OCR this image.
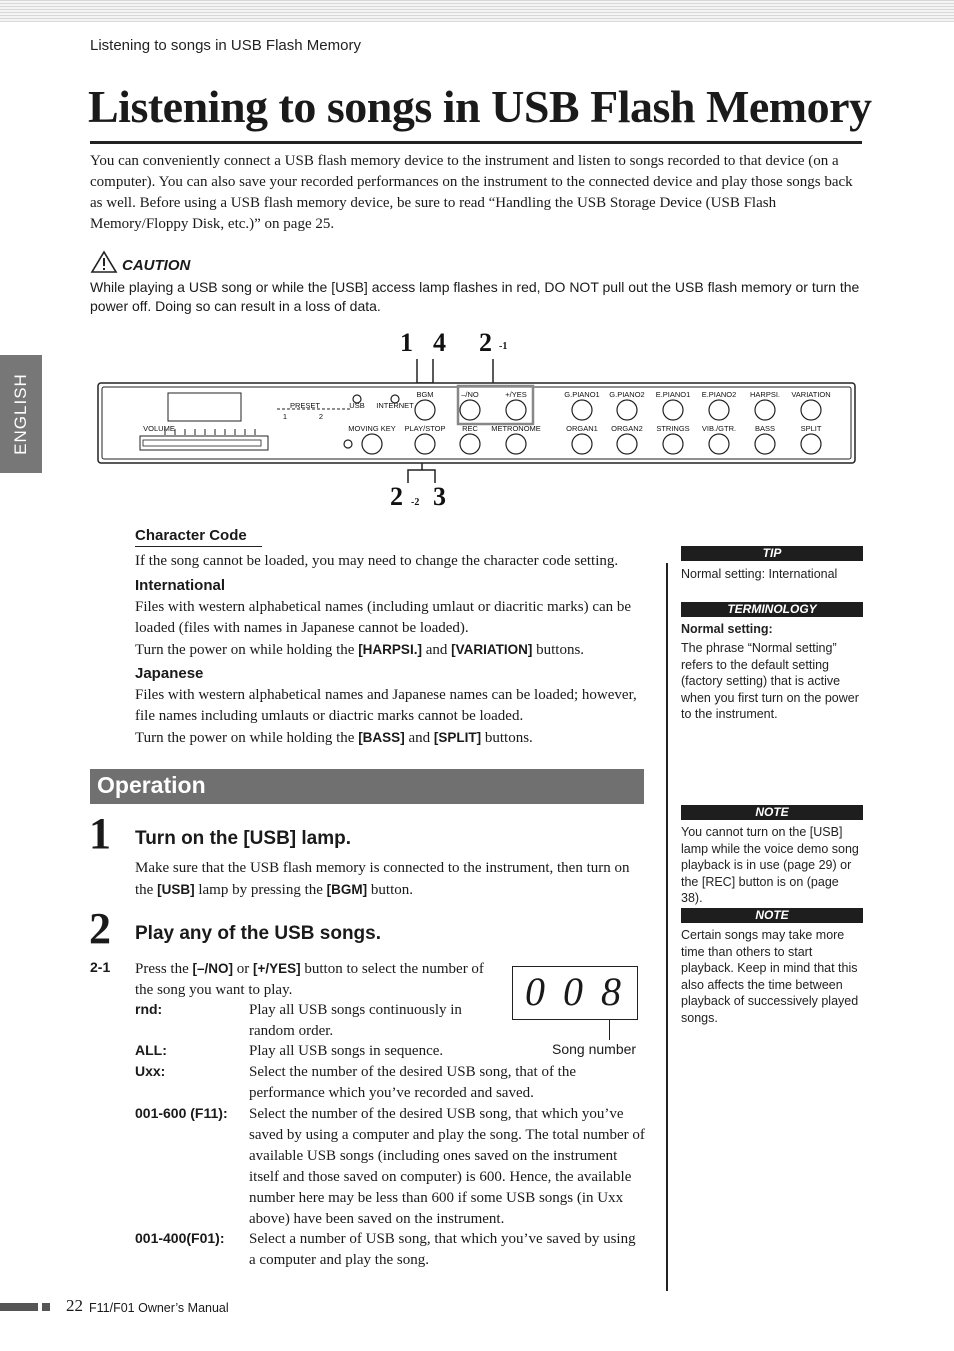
Listening to songs in USB Flash Memory
Listening to songs in USB Flash Memory
You can conveniently connect a USB flash memory device to the instrument and listen to songs recorded to that device (on a computer). You can also save your recorded performances on the instrument to the connected device and play those songs back as well. Before using a USB flash memory device, be sure to read “Handling the USB Storage Device (USB Flash Memory/Floppy Disk, etc.)” on page 25.
ENGLISH
CAUTION
While playing a USB song or while the [USB] access lamp flashes in red, DO NOT pull out the USB flash memory or turn the power off. Doing so can result in a loss of data.
1 4 2 -1
2 -2 3
VOLUME
PRESET
1	2
USB INTERNET
MOVING KEY
BGM
PLAY/STOP
–/NO	+/YES
REC METRONOME
G.PIANO1 G.PIANO2 E.PIANO1 E.PIANO2 HARPSI. VARIATION
ORGAN1 ORGAN2 STRINGS VIB./GTR.	BASS	SPLIT
Character Code
If the song cannot be loaded, you may need to change the character code setting.
International
Files with western alphabetical names (including umlaut or diacritic marks) can be loaded (files with names in Japanese cannot be loaded).
Turn the power on while holding the [HARPSI.] and [VARIATION] buttons.
Japanese
Files with western alphabetical names and Japanese names can be loaded; however, file names including umlauts or diactric marks cannot be loaded.
Turn the power on while holding the [BASS] and [SPLIT] buttons.
TIP
Normal setting: International
TERMINOLOGY
Normal setting:
The phrase “Normal setting” refers to the default setting (factory setting) that is active when you first turn on the power to the instrument.
NOTE
You cannot turn on the [USB] lamp while the voice demo song playback is in use (page 29) or the [REC] button is on (page 38).
NOTE
Certain songs may take more time than others to start playback. Keep in mind that this also affects the time between playback of successively played songs.
Operation
1 Turn on the [USB] lamp.
Make sure that the USB flash memory is connected to the instrument, then turn on the [USB] lamp by pressing the [BGM] button.
2 Play any of the USB songs.
2-1 Press the [–/NO] or [+/YES] button to select the number of the song you want to play.	0 0 8
Song number
rnd:	Play all USB songs continuously in random order.
ALL:	Play all USB songs in sequence.
Uxx:	Select the number of the desired USB song, that of the performance which you’ve recorded and saved.
001-600 (F11): Select the number of the desired USB song, that which you’ve saved by using a computer and play the song. The total number of available USB songs (including ones saved on the instrument itself and those saved on computer) is 600. Hence, the available number here may be less than 600 if some USB songs (in Uxx above) have been saved on the instrument.
001-400(F01): Select a number of USB song, that which you’ve saved by using a computer and play the song.
22 F11/F01 Owner’s Manual
